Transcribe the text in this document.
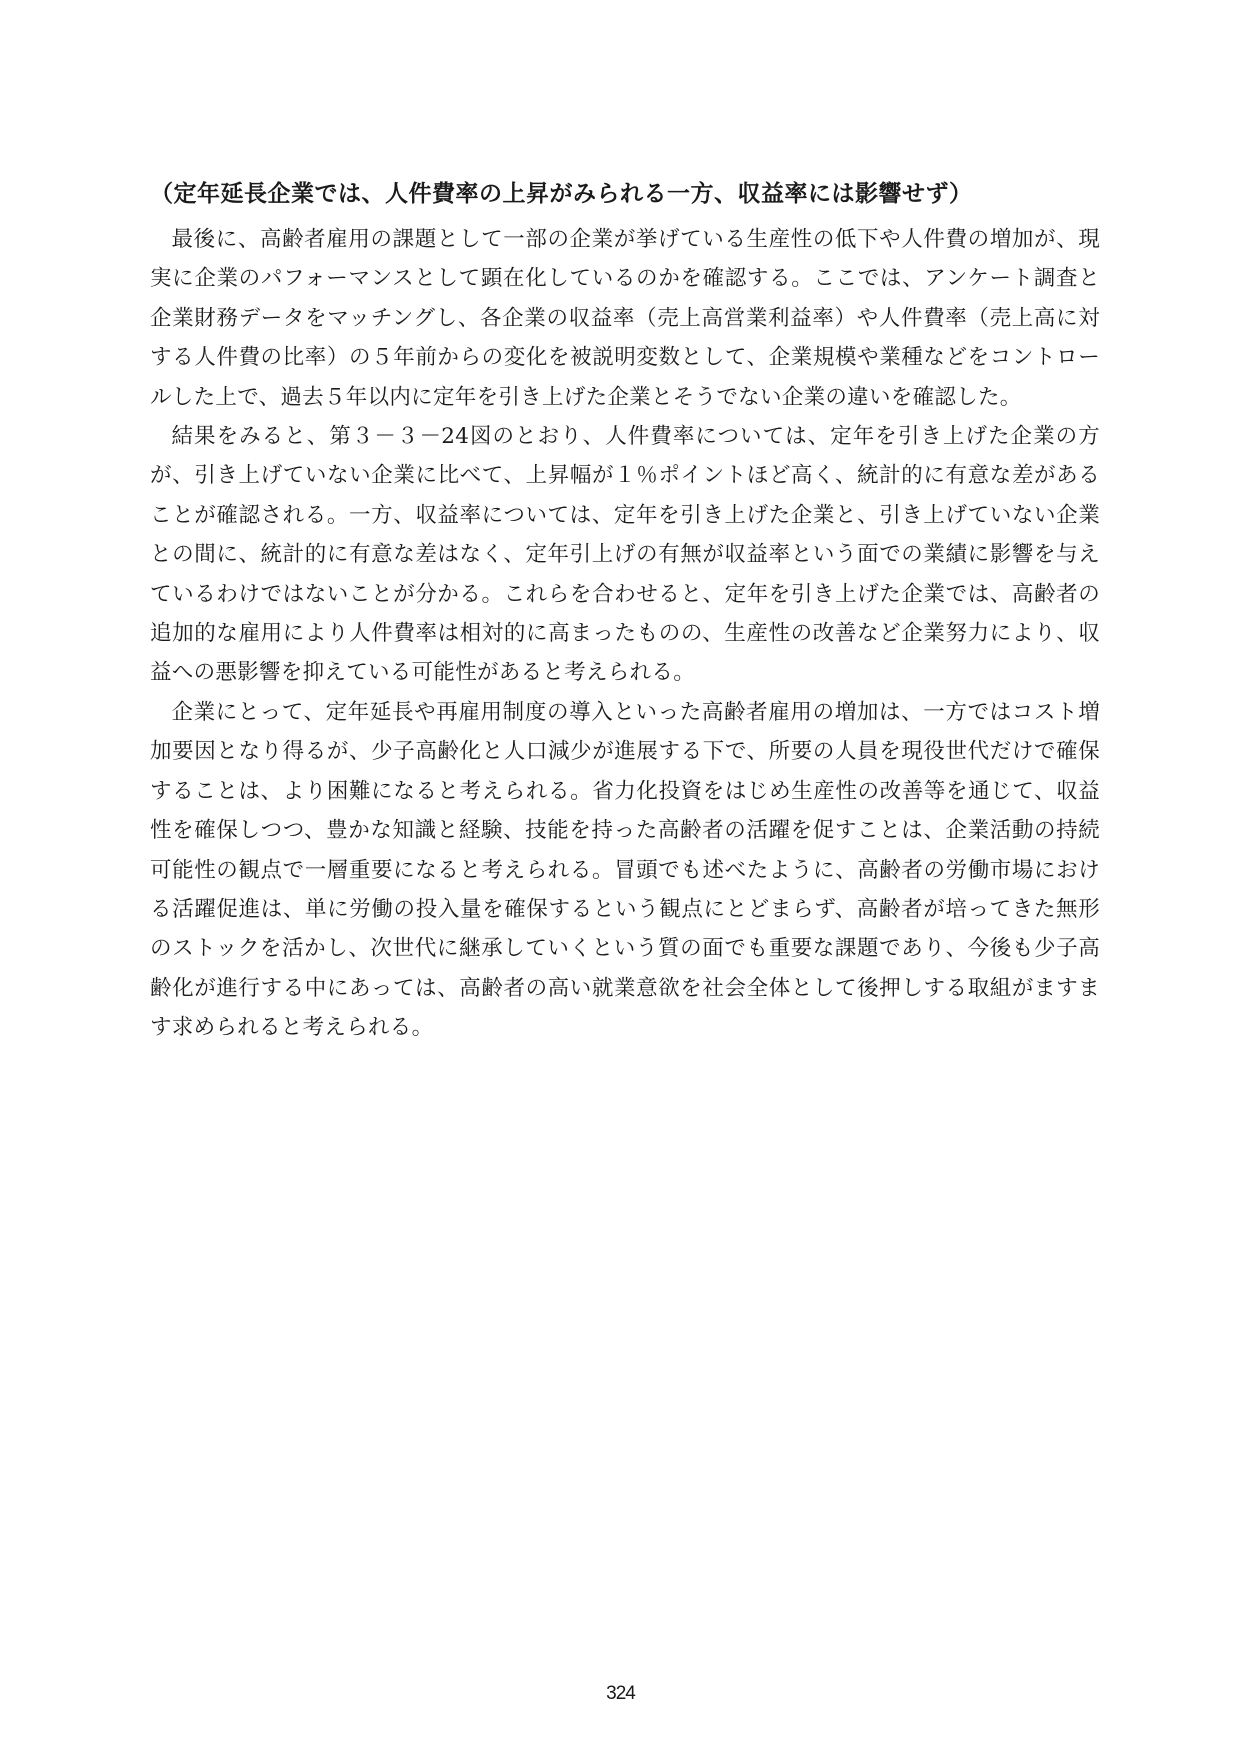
（定年延長企業では、人件費率の上昇がみられる一方、収益率には影響せず）

最後に、高齢者雇用の課題として一部の企業が挙げている生産性の低下や人件費の増加が、現実に企業のパフォーマンスとして顕在化しているのかを確認する。ここでは、アンケート調査と企業財務データをマッチングし、各企業の収益率（売上高営業利益率）や人件費率（売上高に対する人件費の比率）の５年前からの変化を被説明変数として、企業規模や業種などをコントロールした上で、過去５年以内に定年を引き上げた企業とそうでない企業の違いを確認した。

結果をみると、第３－３－24図のとおり、人件費率については、定年を引き上げた企業の方が、引き上げていない企業に比べて、上昇幅が１％ポイントほど高く、統計的に有意な差があることが確認される。一方、収益率については、定年を引き上げた企業と、引き上げていない企業との間に、統計的に有意な差はなく、定年引上げの有無が収益率という面での業績に影響を与えているわけではないことが分かる。これらを合わせると、定年を引き上げた企業では、高齢者の追加的な雇用により人件費率は相対的に高まったものの、生産性の改善など企業努力により、収益への悪影響を抑えている可能性があると考えられる。

企業にとって、定年延長や再雇用制度の導入といった高齢者雇用の増加は、一方ではコスト増加要因となり得るが、少子高齢化と人口減少が進展する下で、所要の人員を現役世代だけで確保することは、より困難になると考えられる。省力化投資をはじめ生産性の改善等を通じて、収益性を確保しつつ、豊かな知識と経験、技能を持った高齢者の活躍を促すことは、企業活動の持続可能性の観点で一層重要になると考えられる。冒頭でも述べたように、高齢者の労働市場における活躍促進は、単に労働の投入量を確保するという観点にとどまらず、高齢者が培ってきた無形のストックを活かし、次世代に継承していくという質の面でも重要な課題であり、今後も少子高齢化が進行する中にあっては、高齢者の高い就業意欲を社会全体として後押しする取組がますます求められると考えられる。

324
